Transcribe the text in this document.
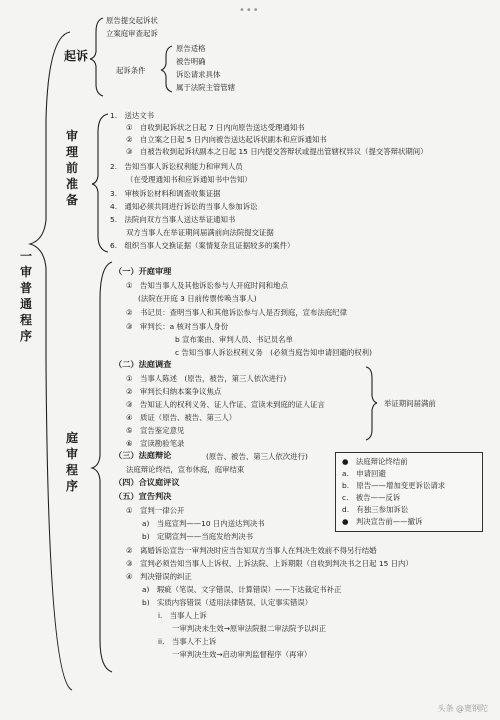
•••
一审普通程序
起诉
审理前准备
庭审程序
原告提交起诉状
立案庭审查起诉
起诉条件
原告适格
被告明确
诉讼请求具体
属于法院主管管辖
1.　送达文书
①　自收到起诉状之日起 7 日内向原告送达受理通知书
②　自立案之日起 5 日内向被告送达起诉状副本和应诉通知书
③　自被告收到起诉状副本之日起 15 日内提交答辩状或提出管辖权异议（提交答辩状期间）
2.　告知当事人诉讼权利能力和审判人员
（在受理通知书和应诉通知书中告知）
3.　审核诉讼材料和调查收集证据
4.　通知必须共同进行诉讼的当事人参加诉讼
5.　法院向双方当事人送达举证通知书
双方当事人在举证期间届满前向法院提交证据
6.　组织当事人交换证据（案情复杂且证据较多的案件）
（一）开庭审理
①　告知当事人及其他诉讼参与人开庭时间和地点
(法院在开庭 3 日前传票传唤当事人)
②　书记员：查明当事人和其他诉讼参与人是否到庭，宣布法庭纪律
③　审判长：a 核对当事人身份
b 宣布案由、审判人员、书记员名单
c 告知当事人诉讼权利义务　(必须当庭告知申请回避的权利)
（二）法庭调查
①　当事人陈述　(原告，被告，第三人依次进行)
②　审判长归纳本案争议焦点
③　告知证人的权利义务、证人作证、宣读未到庭的证人证言
④　质证（原告、被告、第三人）
⑤　宣告鉴定意见
⑥　宣读勘验笔录
举证期间届满前
（三）法庭辩论	(原告、被告、第三人依次进行)
法庭辩论终结，宣布休庭，庭审结束
（四）合议庭评议
（五）宣告判决
①　宣判一律公开
a)　当庭宣判——10 日内送达判决书
b)　定期宣判——当庭发给判决书
②　离婚诉讼宣告一审判决时应当告知双方当事人在判决生效前不得另行结婚
③　宣判必须告知当事人上诉权、上诉法院、上诉期限（自收到判决书之日起 15 日内）
④　判决错误的纠正
a)　瑕疵（笔误、文字错误、计算错误）——下达裁定书补正
b)　实质内容错误（适用法律错误、认定事实错误）
i.　当事人上诉
一审判决未生效→原审法院报二审法院予以纠正
ii.　当事人不上诉
一审判决生效→启动审判监督程序（再审）
●　法庭辩论终结前
a.　申请回避
b.　原告——增加变更诉讼请求
c.　被告——反诉
d.　有独三参加诉讼
●　判决宣告前——撤诉
头条 @寛钢陀
